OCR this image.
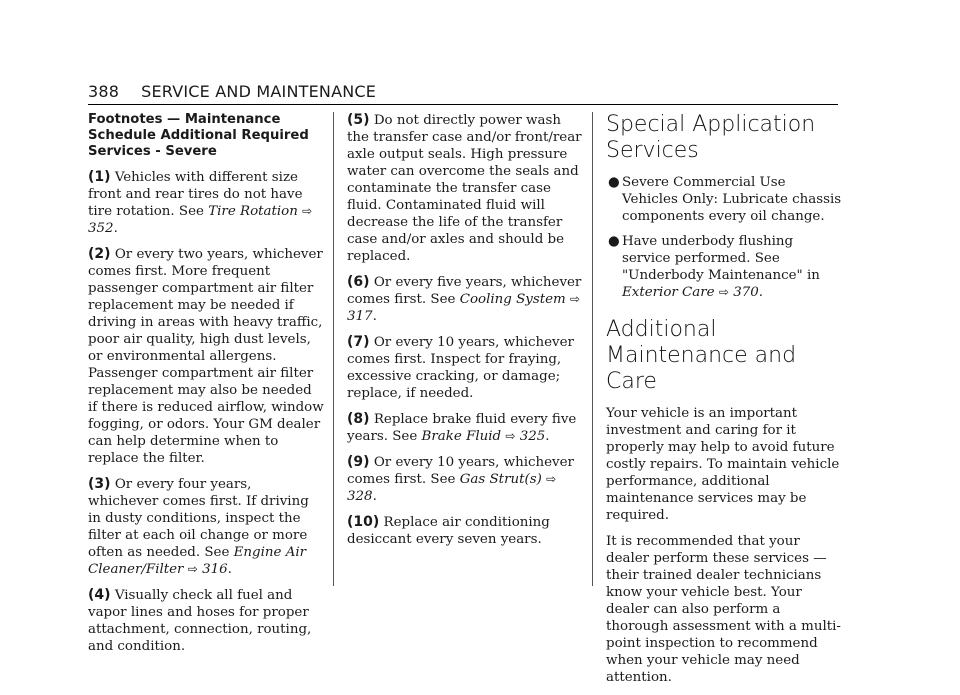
388 SERVICE AND MAINTENANCE
Footnotes — Maintenance Schedule Additional Required Services - Severe

(1) Vehicles with different size front and rear tires do not have tire rotation. See Tire Rotation ⇨ 352.

(2) Or every two years, whichever comes first. More frequent passenger compartment air filter replacement may be needed if driving in areas with heavy traffic, poor air quality, high dust levels, or environmental allergens. Passenger compartment air filter replacement may also be needed if there is reduced airflow, window fogging, or odors. Your GM dealer can help determine when to replace the filter.

(3) Or every four years, whichever comes first. If driving in dusty conditions, inspect the filter at each oil change or more often as needed. See Engine Air Cleaner/Filter ⇨ 316.

(4) Visually check all fuel and vapor lines and hoses for proper attachment, connection, routing, and condition.

(5) Do not directly power wash the transfer case and/or front/rear axle output seals. High pressure water can overcome the seals and contaminate the transfer case fluid. Contaminated fluid will decrease the life of the transfer case and/or axles and should be replaced.

(6) Or every five years, whichever comes first. See Cooling System ⇨ 317.

(7) Or every 10 years, whichever comes first. Inspect for fraying, excessive cracking, or damage; replace, if needed.

(8) Replace brake fluid every five years. See Brake Fluid ⇨ 325.

(9) Or every 10 years, whichever comes first. See Gas Strut(s) ⇨ 328.

(10) Replace air conditioning desiccant every seven years.

Special Application Services
● Severe Commercial Use Vehicles Only: Lubricate chassis components every oil change.
● Have underbody flushing service performed. See "Underbody Maintenance" in Exterior Care ⇨ 370.
Additional Maintenance and Care

Your vehicle is an important investment and caring for it properly may help to avoid future costly repairs. To maintain vehicle performance, additional maintenance services may be required.

It is recommended that your dealer perform these services — their trained dealer technicians know your vehicle best. Your dealer can also perform a thorough assessment with a multi-point inspection to recommend when your vehicle may need attention.
